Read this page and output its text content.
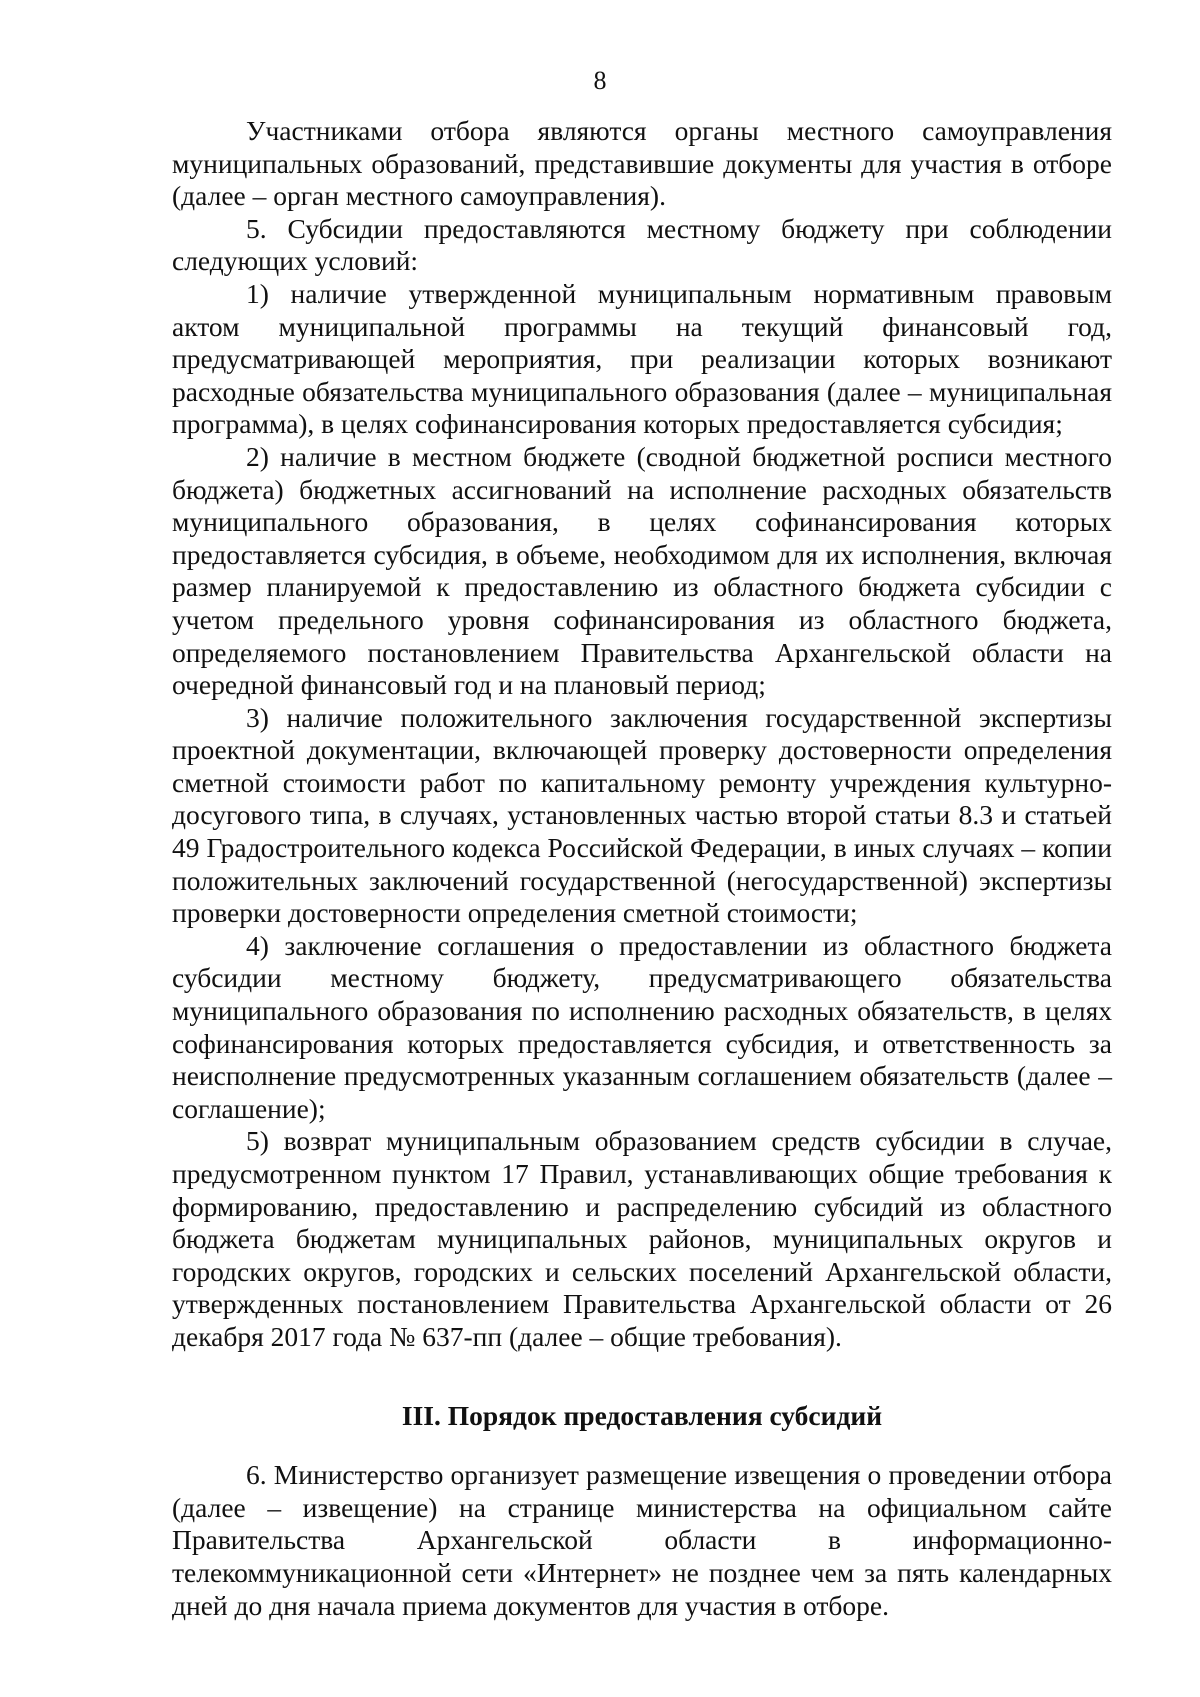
8

Участниками отбора являются органы местного самоуправления муниципальных образований, представившие документы для участия в отборе (далее – орган местного самоуправления).

5. Субсидии предоставляются местному бюджету при соблюдении следующих условий:

1) наличие утвержденной муниципальным нормативным правовым актом муниципальной программы на текущий финансовый год, предусматривающей мероприятия, при реализации которых возникают расходные обязательства муниципального образования (далее – муниципальная программа), в целях софинансирования которых предоставляется субсидия;

2) наличие в местном бюджете (сводной бюджетной росписи местного бюджета) бюджетных ассигнований на исполнение расходных обязательств муниципального образования, в целях софинансирования которых предоставляется субсидия, в объеме, необходимом для их исполнения, включая размер планируемой к предоставлению из областного бюджета субсидии с учетом предельного уровня софинансирования из областного бюджета, определяемого постановлением Правительства Архангельской области на очередной финансовый год и на плановый период;

3) наличие положительного заключения государственной экспертизы проектной документации, включающей проверку достоверности определения сметной стоимости работ по капитальному ремонту учреждения культурно-досугового типа, в случаях, установленных частью второй статьи 8.3 и статьей 49 Градостроительного кодекса Российской Федерации, в иных случаях – копии положительных заключений государственной (негосударственной) экспертизы проверки достоверности определения сметной стоимости;

4) заключение соглашения о предоставлении из областного бюджета субсидии местному бюджету, предусматривающего обязательства муниципального образования по исполнению расходных обязательств, в целях софинансирования которых предоставляется субсидия, и ответственность за неисполнение предусмотренных указанным соглашением обязательств (далее – соглашение);

5) возврат муниципальным образованием средств субсидии в случае, предусмотренном пунктом 17 Правил, устанавливающих общие требования к формированию, предоставлению и распределению субсидий из областного бюджета бюджетам муниципальных районов, муниципальных округов и городских округов, городских и сельских поселений Архангельской области, утвержденных постановлением Правительства Архангельской области от 26 декабря 2017 года № 637-пп (далее – общие требования).

III. Порядок предоставления субсидий

6. Министерство организует размещение извещения о проведении отбора (далее – извещение) на странице министерства на официальном сайте Правительства Архангельской области в информационно-телекоммуникационной сети «Интернет» не позднее чем за пять календарных дней до дня начала приема документов для участия в отборе.
